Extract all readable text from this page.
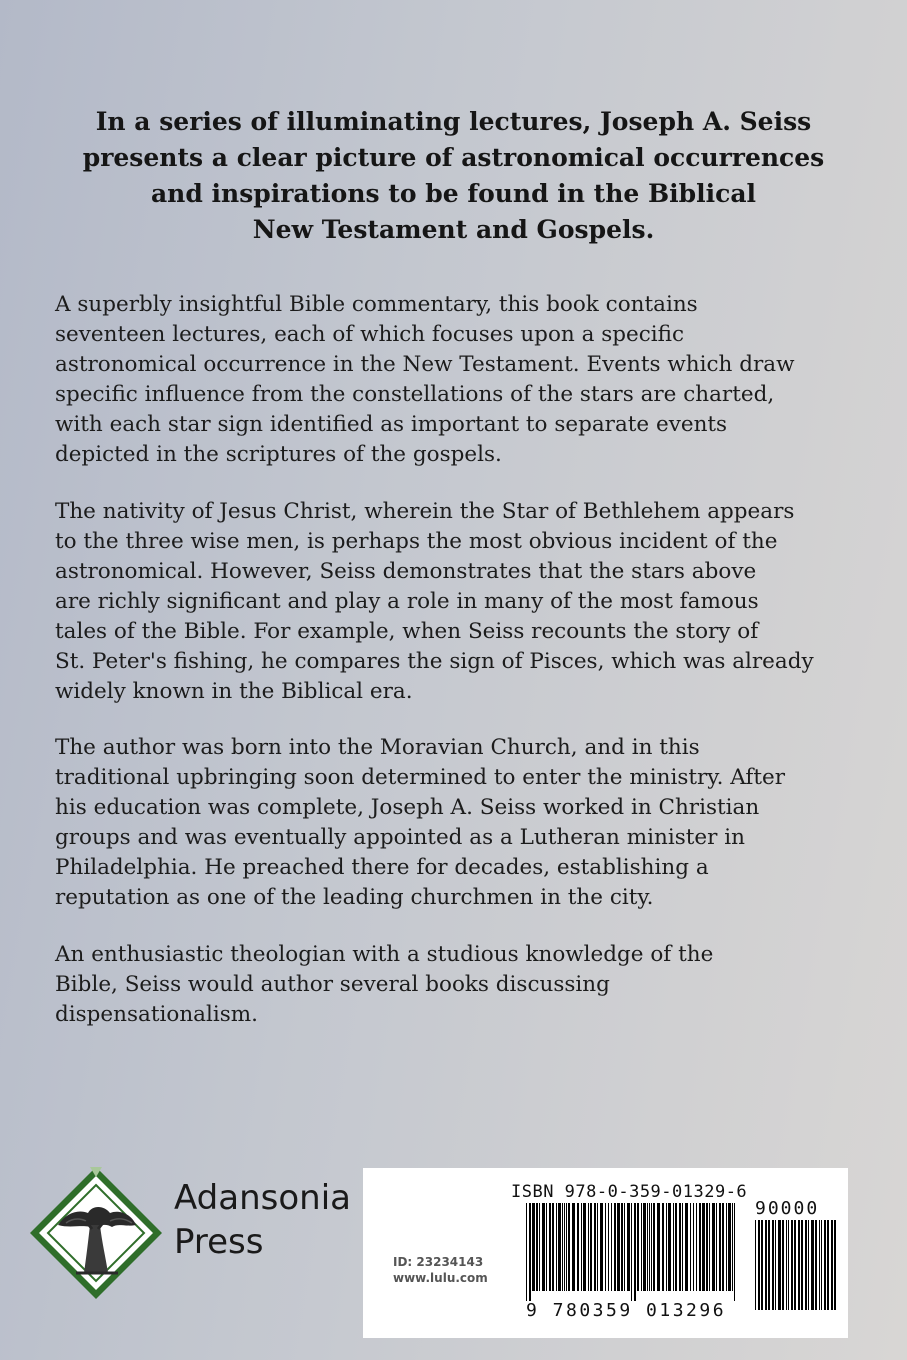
In a series of illuminating lectures, Joseph A. Seiss
presents a clear picture of astronomical occurrences
and inspirations to be found in the Biblical
New Testament and Gospels.
A superbly insightful Bible commentary, this book contains
seventeen lectures, each of which focuses upon a specific
astronomical occurrence in the New Testament. Events which draw
specific influence from the constellations of the stars are charted,
with each star sign identified as important to separate events
depicted in the scriptures of the gospels.
The nativity of Jesus Christ, wherein the Star of Bethlehem appears
to the three wise men, is perhaps the most obvious incident of the
astronomical. However, Seiss demonstrates that the stars above
are richly significant and play a role in many of the most famous
tales of the Bible. For example, when Seiss recounts the story of
St. Peter's fishing, he compares the sign of Pisces, which was already
widely known in the Biblical era.
The author was born into the Moravian Church, and in this
traditional upbringing soon determined to enter the ministry. After
his education was complete, Joseph A. Seiss worked in Christian
groups and was eventually appointed as a Lutheran minister in
Philadelphia. He preached there for decades, establishing a
reputation as one of the leading churchmen in the city.
An enthusiastic theologian with a studious knowledge of the
Bible, Seiss would author several books discussing
dispensationalism.
Adansonia
Press
ISBN 978-0-359-01329-6
ID: 23234143
www.lulu.com
9 780359 013296
90000
